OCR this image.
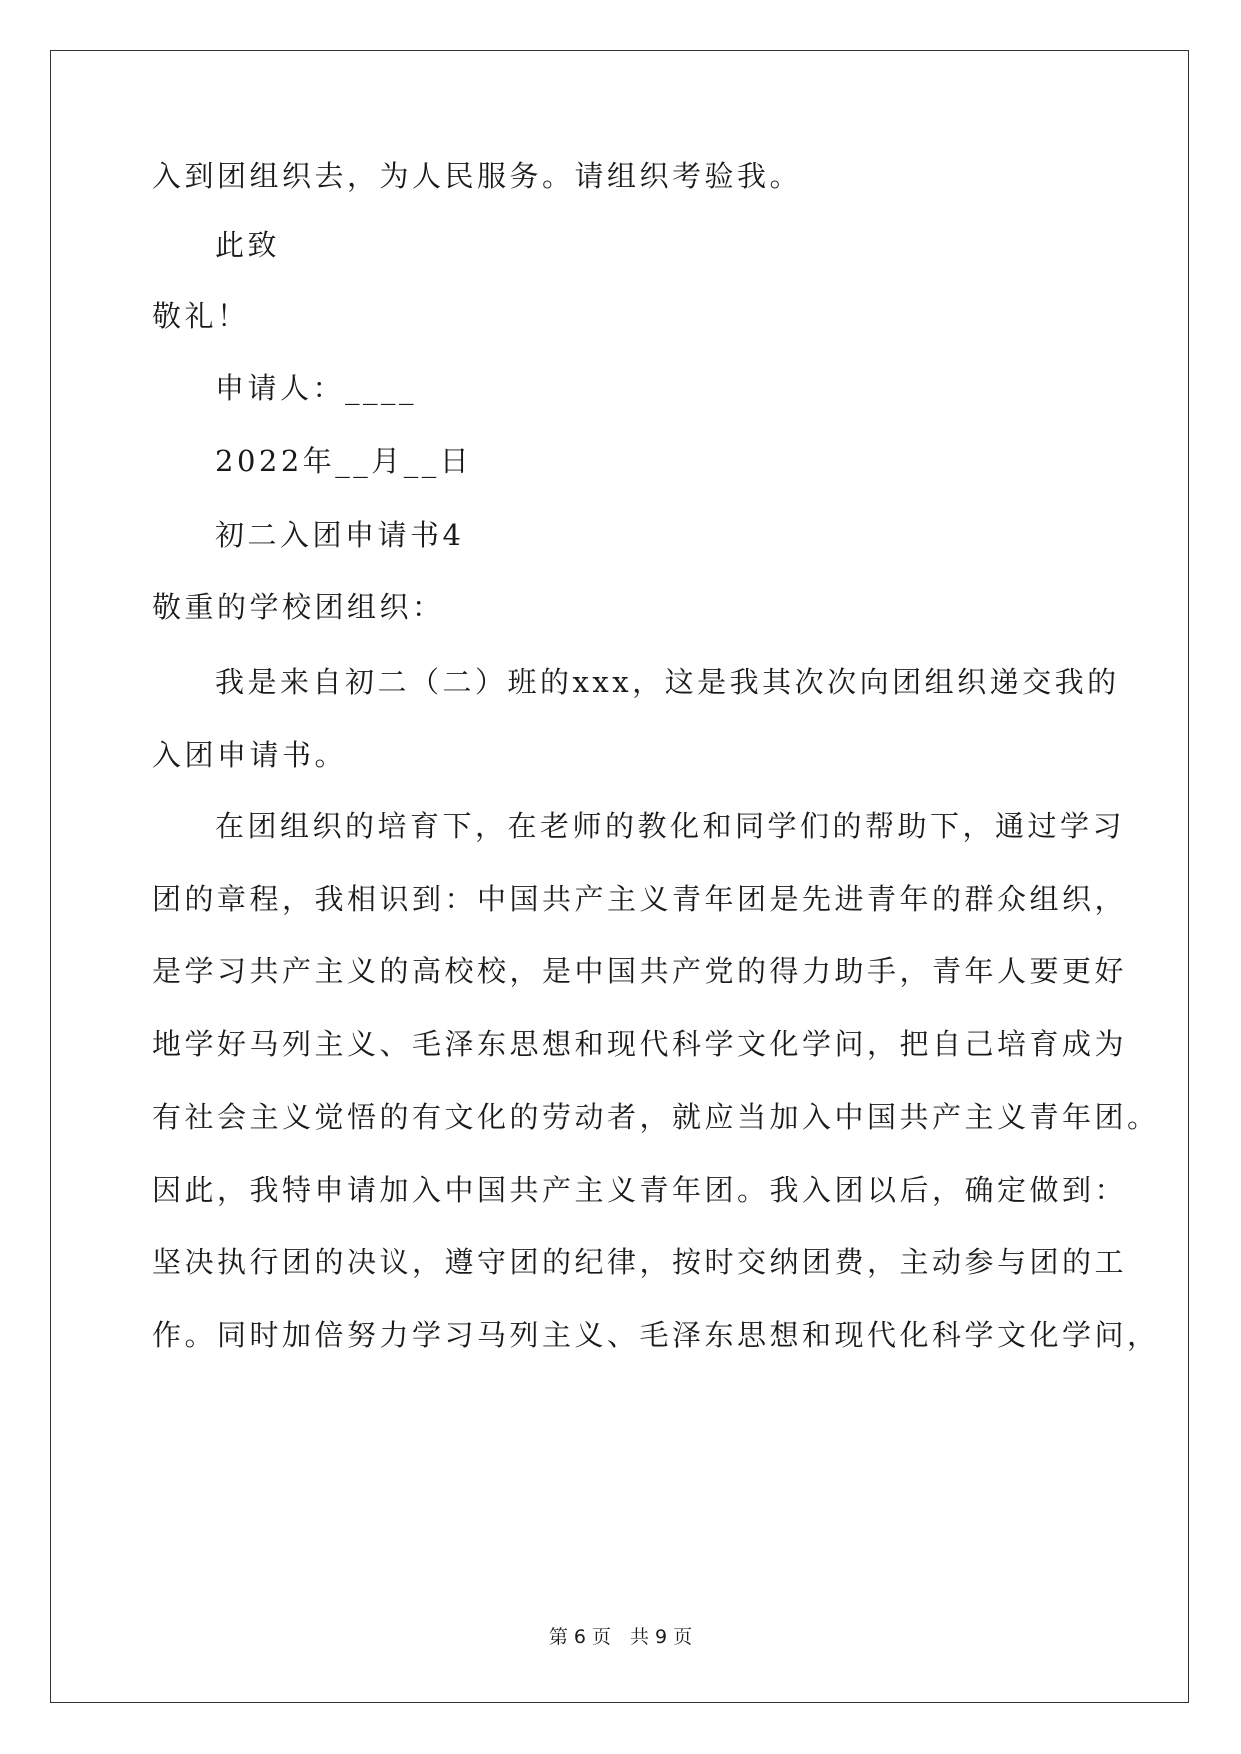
入到团组织去，为人民服务。请组织考验我。
此致
敬礼！
申请人：____
2022年__月__日
初二入团申请书4
敬重的学校团组织：
我是来自初二（二）班的xxx，这是我其次次向团组织递交我的
入团申请书。
在团组织的培育下，在老师的教化和同学们的帮助下，通过学习
团的章程，我相识到：中国共产主义青年团是先进青年的群众组织，
是学习共产主义的高校校，是中国共产党的得力助手，青年人要更好
地学好马列主义、毛泽东思想和现代科学文化学问，把自己培育成为
有社会主义觉悟的有文化的劳动者，就应当加入中国共产主义青年团。
因此，我特申请加入中国共产主义青年团。我入团以后，确定做到：
坚决执行团的决议，遵守团的纪律，按时交纳团费，主动参与团的工
作。同时加倍努力学习马列主义、毛泽东思想和现代化科学文化学问，
第 6 页　共 9 页
